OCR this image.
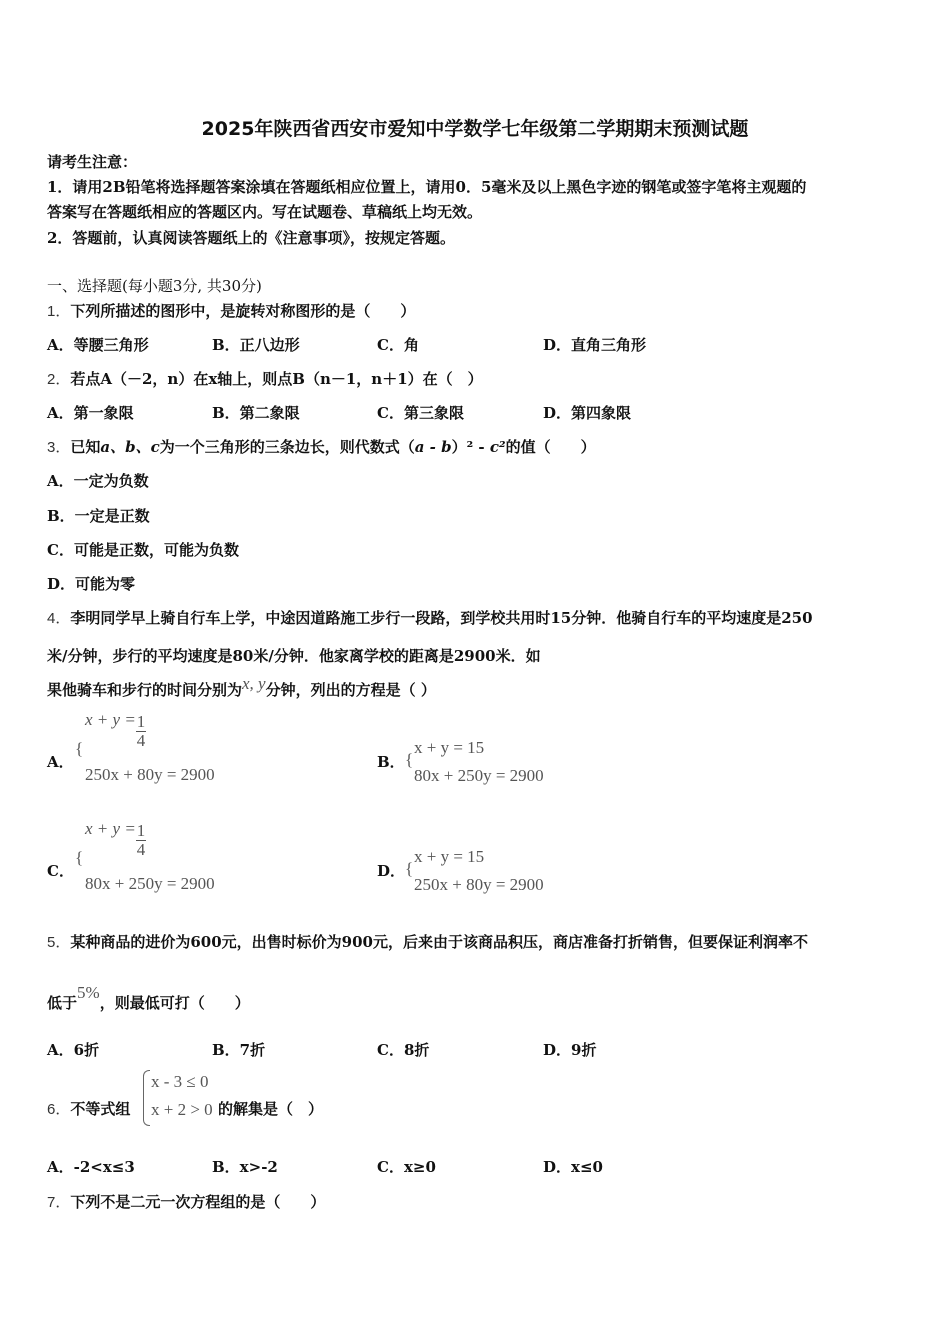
2025年陕西省西安市爱知中学数学七年级第二学期期末预测试题
请考生注意：
1．请用2B铅笔将选择题答案涂填在答题纸相应位置上，请用0．5毫米及以上黑色字迹的钢笔或签字笔将主观题的
答案写在答题纸相应的答题区内。写在试题卷、草稿纸上均无效。
2．答题前，认真阅读答题纸上的《注意事项》，按规定答题。
一、选择题(每小题3分, 共30分)
1．下列所描述的图形中，是旋转对称图形的是（　　）
A．等腰三角形	B．正八边形	C．角	D．直角三角形
2．若点A（－2，n）在x轴上，则点B（n－1，n＋1）在（　）
A．第一象限	B．第二象限	C．第三象限	D．第四象限
3．已知a、b、c为一个三角形的三条边长，则代数式（a - b）² - c²的值（　　）
A．一定为负数
B．一定是正数
C．可能是正数，可能为负数
D．可能为零
4．李明同学早上骑自行车上学，中途因道路施工步行一段路，到学校共用时15分钟．他骑自行车的平均速度是250
米/分钟，步行的平均速度是80米/分钟．他家离学校的距离是2900米．如
果他骑车和步行的时间分别为x, y分钟，列出的方程是（ ）
A．
{
$x + y = \frac{1}{4}$
250x + 80y = 2900
B． {
x + y = 15
80x + 250y = 2900
C．
{
$x + y = \frac{1}{4}$
80x + 250y = 2900
D． {
x + y = 15
250x + 80y = 2900
5．某种商品的进价为600元，出售时标价为900元，后来由于该商品积压，商店准备打折销售，但要保证利润率不
低于5%，则最低可打（　　）
A．6折	B．7折	C．8折	D．9折
6．不等式组
x - 3 ≤ 0
x + 2 > 0 的解集是（　）
A．-2<x≤3	B．x>-2	C．x≥0	D．x≤0
7．下列不是二元一次方程组的是（　　）
